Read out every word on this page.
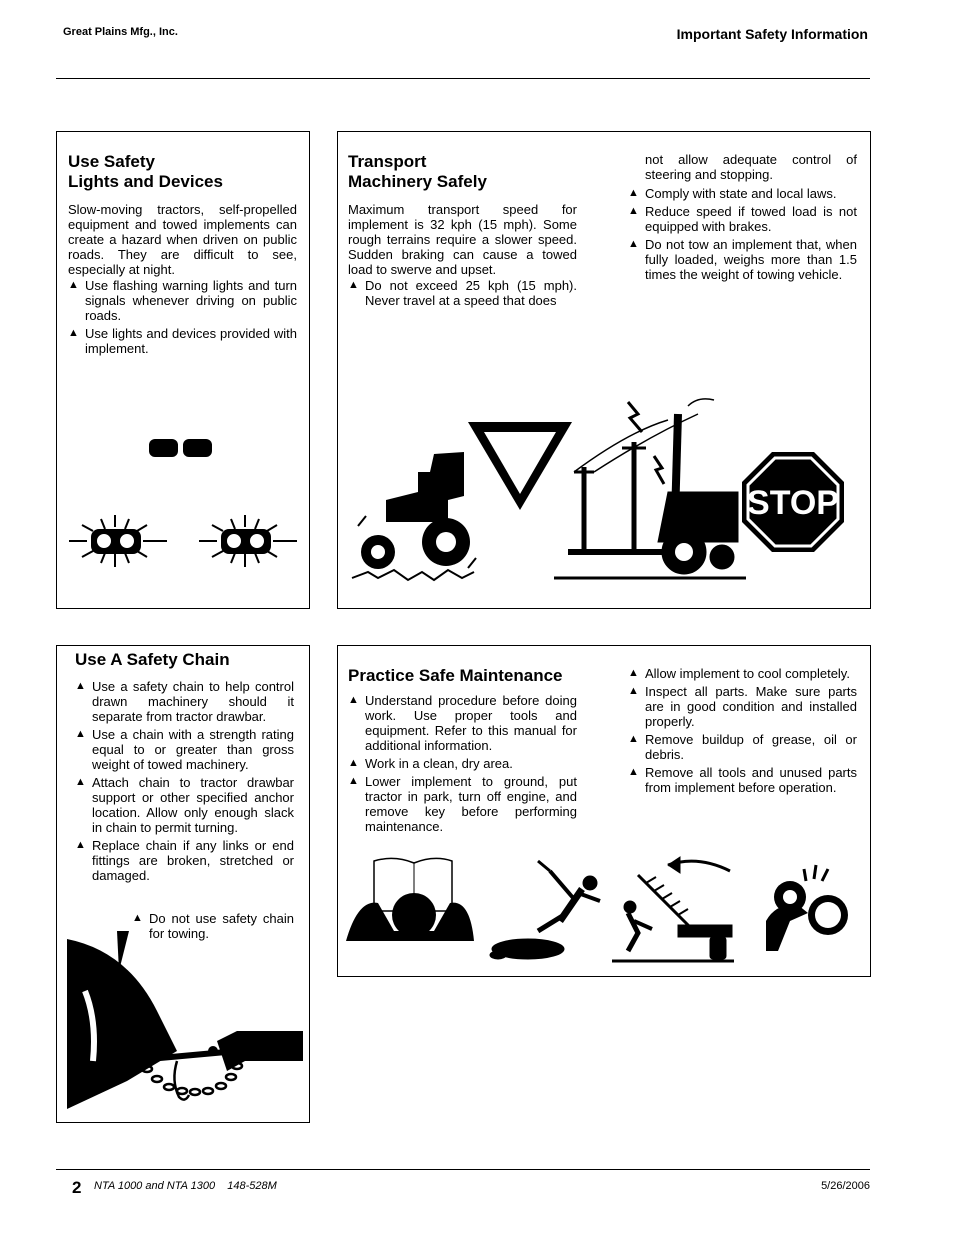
Great Plains Mfg., Inc.	Important Safety Information
Use Safety
Lights and Devices
Slow-moving tractors, self-propelled equipment and towed implements can create a hazard when driven on public roads. They are difficult to see, especially at night.
▲ Use flashing warning lights and turn signals whenever driving on public roads.
▲ Use lights and devices provided with implement.
Transport
Machinery Safely
Maximum transport speed for implement is 32 kph (15 mph). Some rough terrains require a slower speed. Sudden braking can cause a towed load to swerve and upset.
▲ Do not exceed 25 kph (15 mph). Never travel at a speed that does
not allow adequate control of steering and stopping.
▲ Comply with state and local laws.
▲ Reduce speed if towed load is not equipped with brakes.
▲ Do not tow an implement that, when fully loaded, weighs more than 1.5 times the weight of towing vehicle.
STOP
Use A Safety Chain
▲ Use a safety chain to help control drawn machinery should it separate from tractor drawbar.
▲ Use a chain with a strength rating equal to or greater than gross weight of towed machinery.
▲ Attach chain to tractor drawbar support or other specified anchor location. Allow only enough slack in chain to permit turning.
▲ Replace chain if any links or end fittings are broken, stretched or damaged.
▲ Do not use safety chain for towing.
Practice Safe Maintenance
▲ Understand procedure before doing work. Use proper tools and equipment. Refer to this manual for additional information.
▲ Work in a clean, dry area.
▲ Lower implement to ground, put tractor in park, turn off engine, and remove key before performing maintenance.
▲ Allow implement to cool completely.
▲ Inspect all parts. Make sure parts are in good condition and installed properly.
▲ Remove buildup of grease, oil or debris.
▲ Remove all tools and unused parts from implement before operation.
2 NTA 1000 and NTA 1300    148-528M	5/26/2006
